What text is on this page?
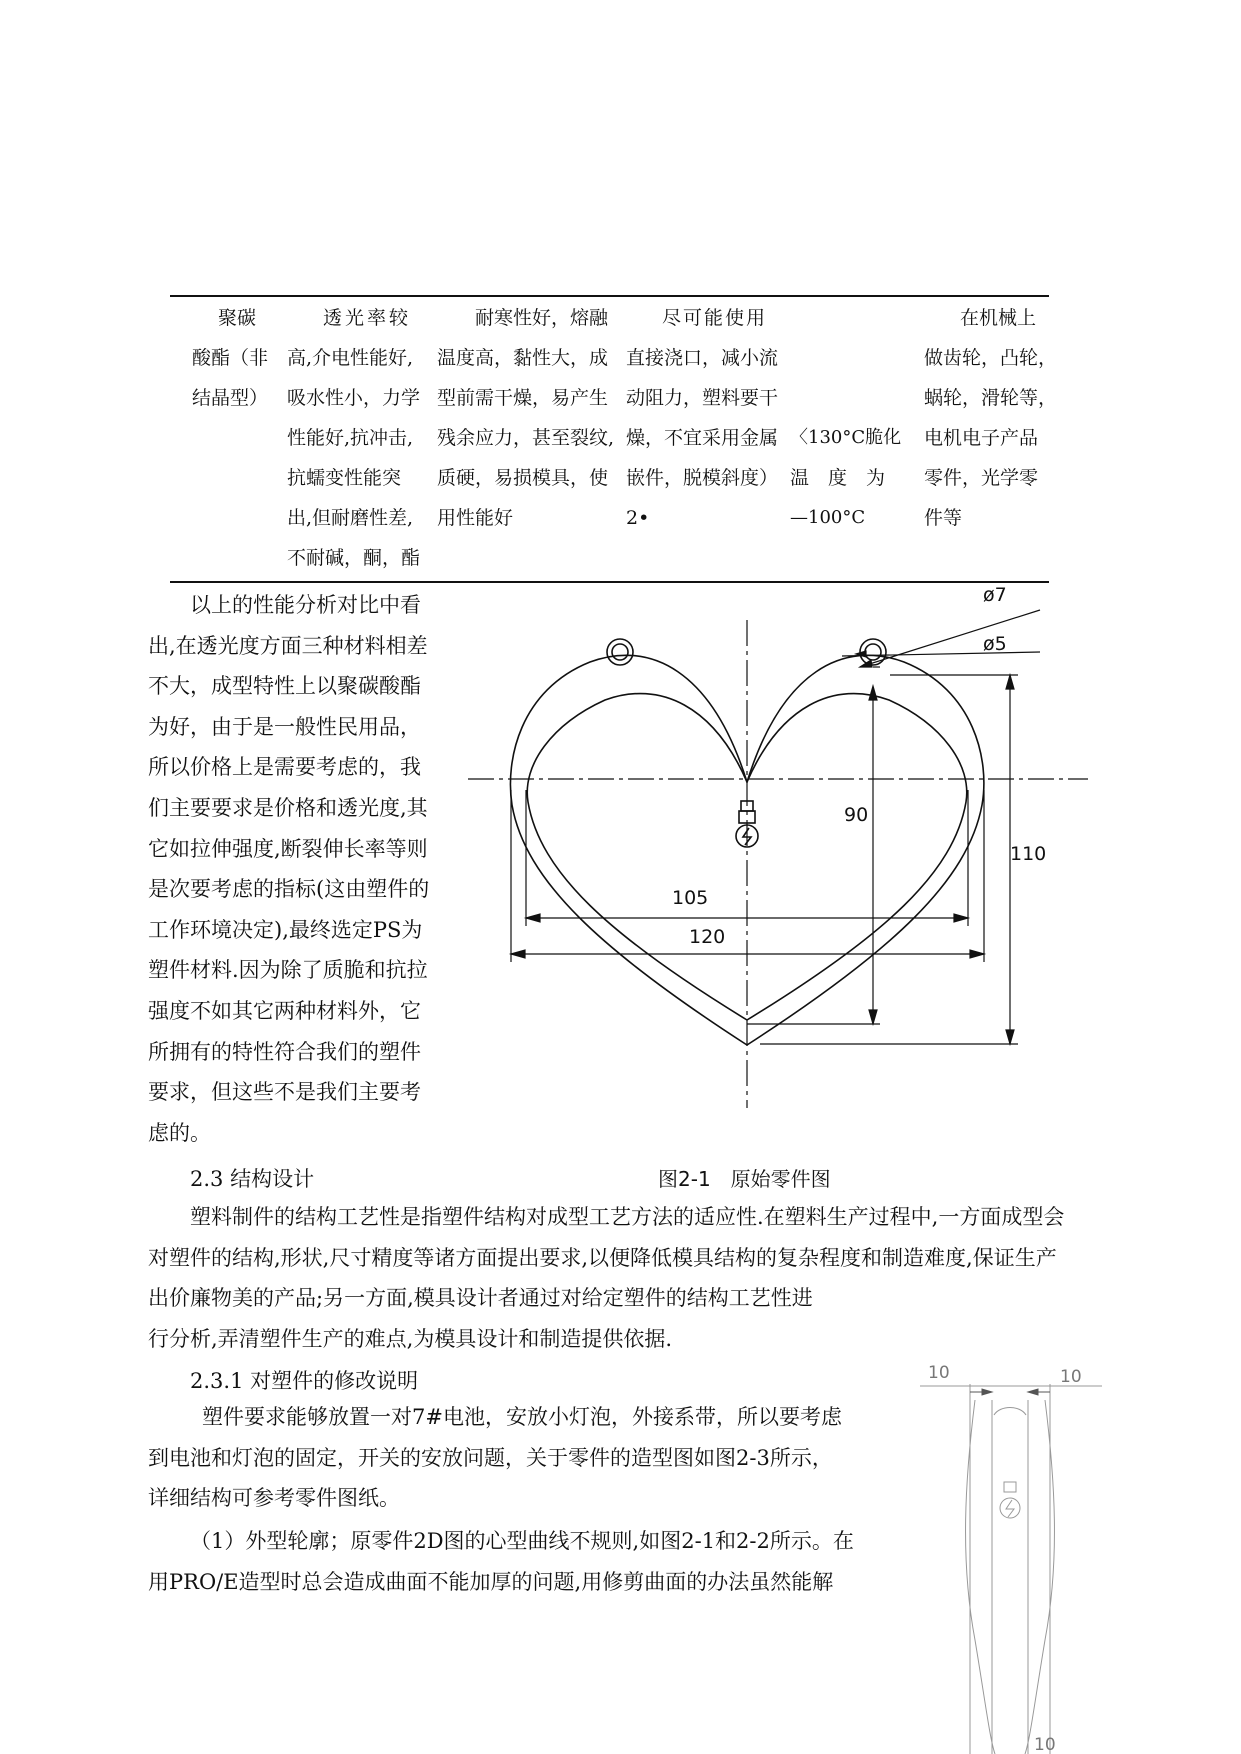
聚碳
酸酯（非
结晶型）
透光率较
高,介电性能好,
吸水性小，力学
性能好,抗冲击,
抗蠕变性能突
出,但耐磨性差,
不耐碱，酮，酯
耐寒性好，熔融
温度高，黏性大，成
型前需干燥，易产生
残余应力，甚至裂纹,
质硬，易损模具，使
用性能好
尽可能使用
直接浇口，减小流
动阻力，塑料要干
燥，不宜采用金属
嵌件，脱模斜度）
2•
〈130°C脆化
温　度　为
—100°C
在机械上
做齿轮，凸轮，
蜗轮，滑轮等，
电机电子产品
零件，光学零
件等
以上的性能分析对比中看
出,在透光度方面三种材料相差
不大，成型特性上以聚碳酸酯
为好，由于是一般性民用品，
所以价格上是需要考虑的，我
们主要要求是价格和透光度,其
它如拉伸强度,断裂伸长率等则
是次要考虑的指标(这由塑件的
工作环境决定),最终选定PS为
塑件材料.因为除了质脆和抗拉
强度不如其它两种材料外，它
所拥有的特性符合我们的塑件
要求，但这些不是我们主要考
虑的。
ø7
ø5
90
110
105
120
10	10
10
2.3 结构设计	图2-1　原始零件图
塑料制件的结构工艺性是指塑件结构对成型工艺方法的适应性.在塑料生产过程中,一方面成型会
对塑件的结构,形状,尺寸精度等诸方面提出要求,以便降低模具结构的复杂程度和制造难度,保证生产
出价廉物美的产品;另一方面,模具设计者通过对给定塑件的结构工艺性进
行分析,弄清塑件生产的难点,为模具设计和制造提供依据.
2.3.1 对塑件的修改说明
塑件要求能够放置一对7#电池，安放小灯泡，外接系带，所以要考虑
到电池和灯泡的固定，开关的安放问题，关于零件的造型图如图2-3所示，
详细结构可参考零件图纸。
（1）外型轮廓；原零件2D图的心型曲线不规则,如图2-1和2-2所示。在
用PRO/E造型时总会造成曲面不能加厚的问题,用修剪曲面的办法虽然能解
